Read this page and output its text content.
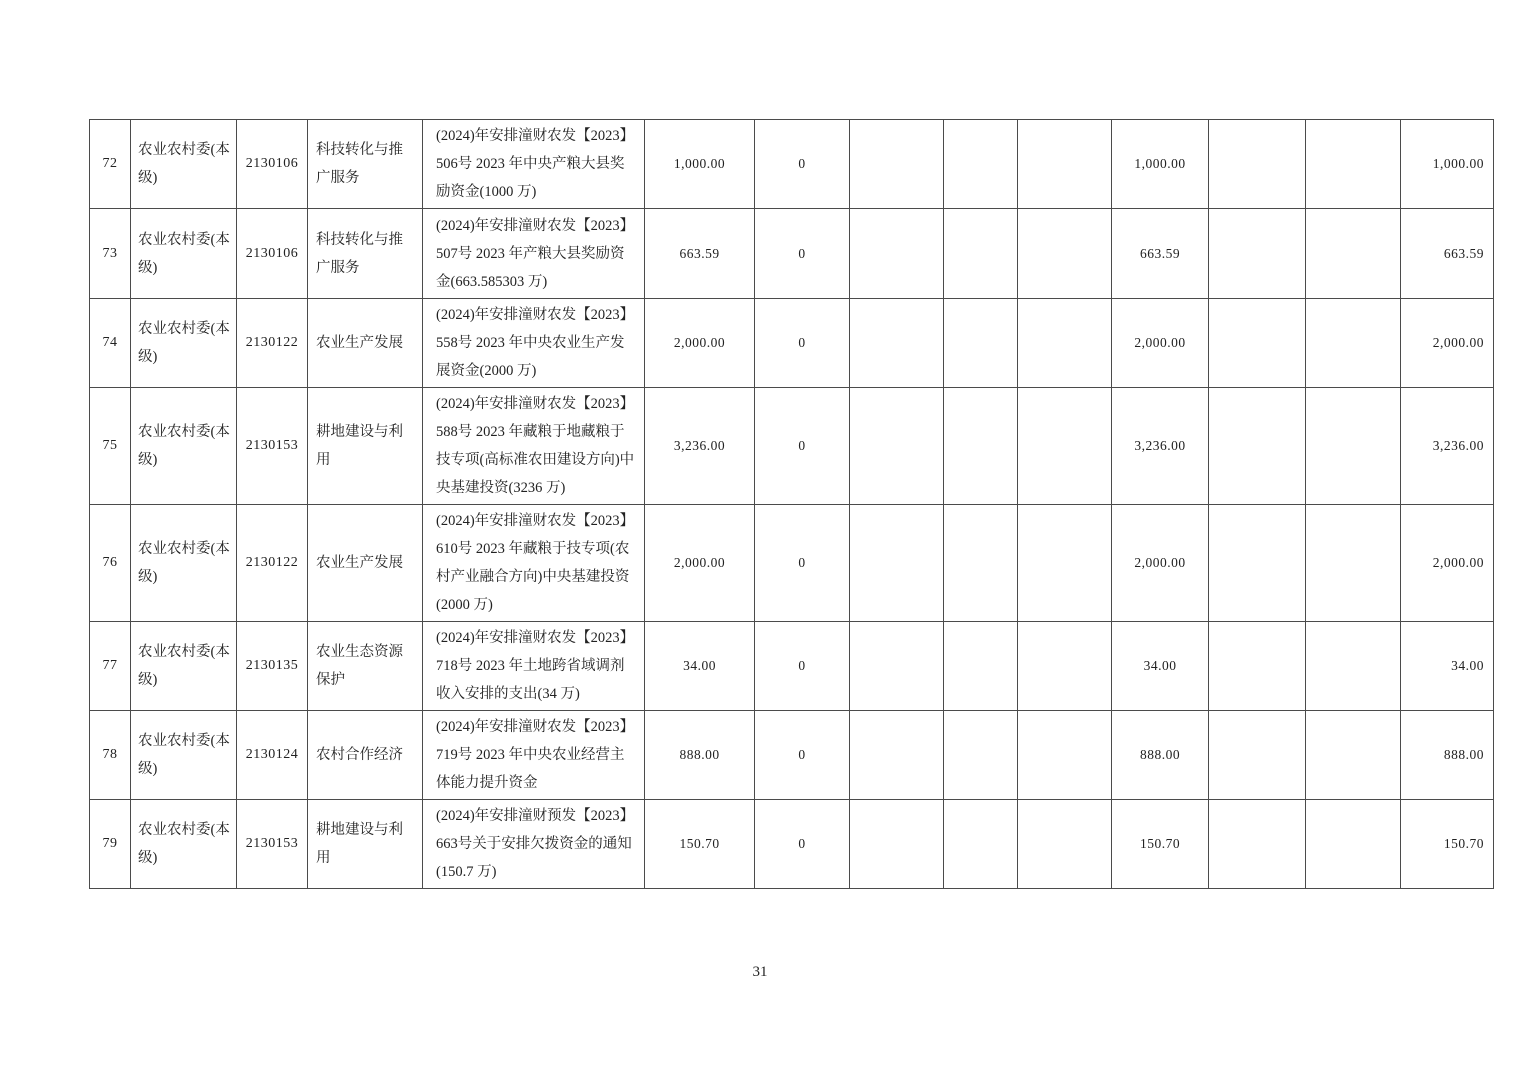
72	农业农村委(本级)	2130106	科技转化与推广服务	(2024)年安排潼财农发【2023】506号 2023 年中央产粮大县奖励资金(1000 万)	1,000.00	0				1,000.00			1,000.00
73	农业农村委(本级)	2130106	科技转化与推广服务	(2024)年安排潼财农发【2023】507号 2023 年产粮大县奖励资金(663.585303 万)	663.59	0				663.59			663.59
74	农业农村委(本级)	2130122	农业生产发展	(2024)年安排潼财农发【2023】558号 2023 年中央农业生产发展资金(2000 万)	2,000.00	0				2,000.00			2,000.00
75	农业农村委(本级)	2130153	耕地建设与利用	(2024)年安排潼财农发【2023】588号 2023 年藏粮于地藏粮于技专项(高标准农田建设方向)中央基建投资(3236 万)	3,236.00	0				3,236.00			3,236.00
76	农业农村委(本级)	2130122	农业生产发展	(2024)年安排潼财农发【2023】610号 2023 年藏粮于技专项(农村产业融合方向)中央基建投资(2000 万)	2,000.00	0				2,000.00			2,000.00
77	农业农村委(本级)	2130135	农业生态资源保护	(2024)年安排潼财农发【2023】718号 2023 年土地跨省域调剂收入安排的支出(34 万)	34.00	0				34.00			34.00
78	农业农村委(本级)	2130124	农村合作经济	(2024)年安排潼财农发【2023】719号 2023 年中央农业经营主体能力提升资金	888.00	0				888.00			888.00
79	农业农村委(本级)	2130153	耕地建设与利用	(2024)年安排潼财预发【2023】663号关于安排欠拨资金的通知(150.7 万)	150.70	0				150.70			150.70
31
